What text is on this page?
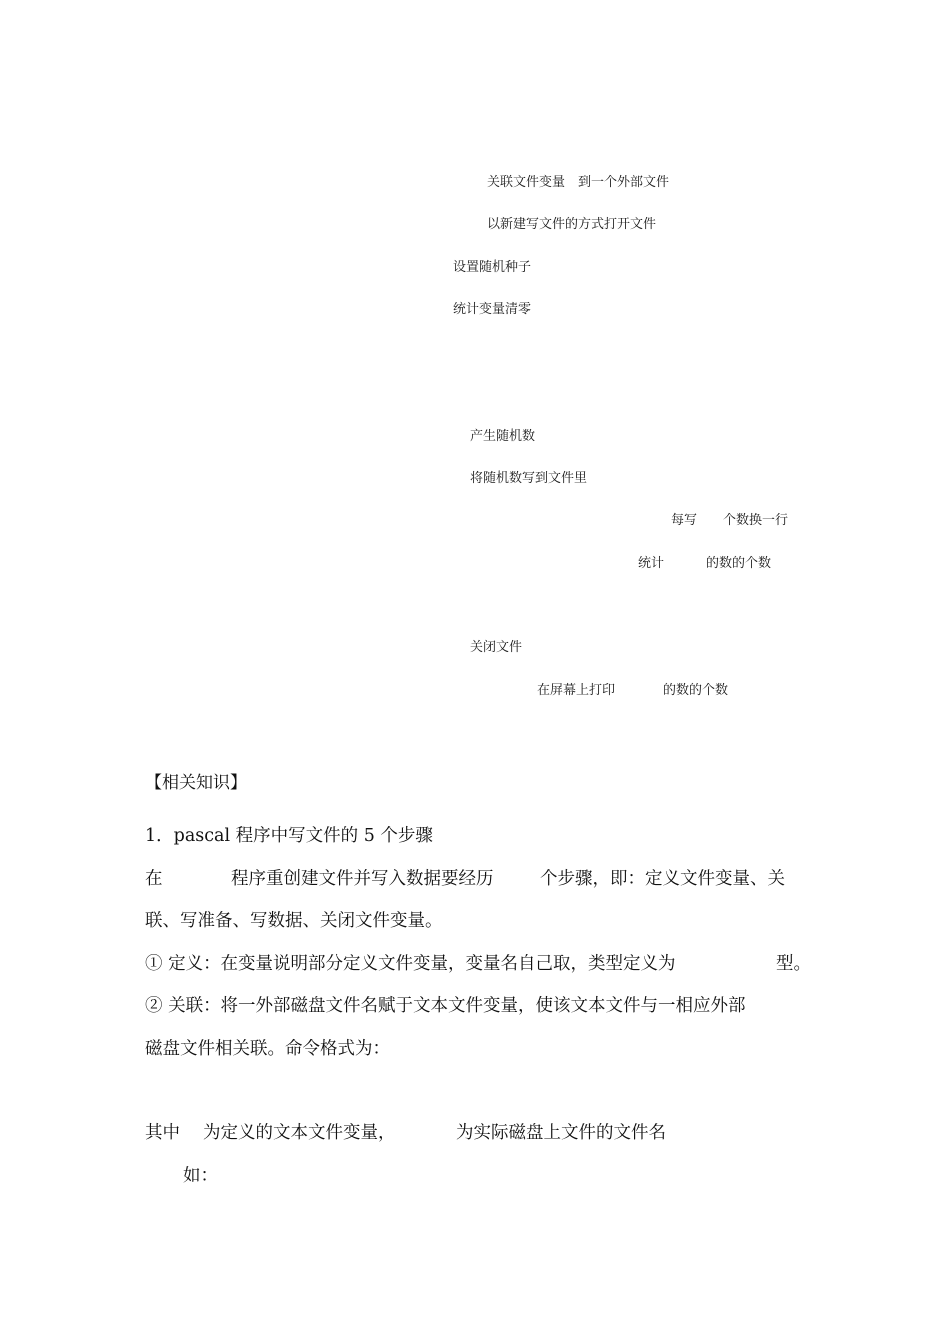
关联文件变量　到一个外部文件
以新建写文件的方式打开文件
设置随机种子
统计变量清零
产生随机数
将随机数写到文件里
每写 个数换一行
统计	的数的个数
关闭文件
在屏幕上打印	的数的个数
【相关知识】
1．pascal 程序中写文件的 5 个步骤
在	程序重创建文件并写入数据要经历	个步骤，即：定义文件变量、关
联、写准备、写数据、关闭文件变量。
① 定义：在变量说明部分定义文件变量，变量名自己取，类型定义为	型。
② 关联：将一外部磁盘文件名赋于文本文件变量，使该文本文件与一相应外部
磁盘文件相关联。命令格式为：
其中 为定义的文本文件变量，	为实际磁盘上文件的文件名
如：
